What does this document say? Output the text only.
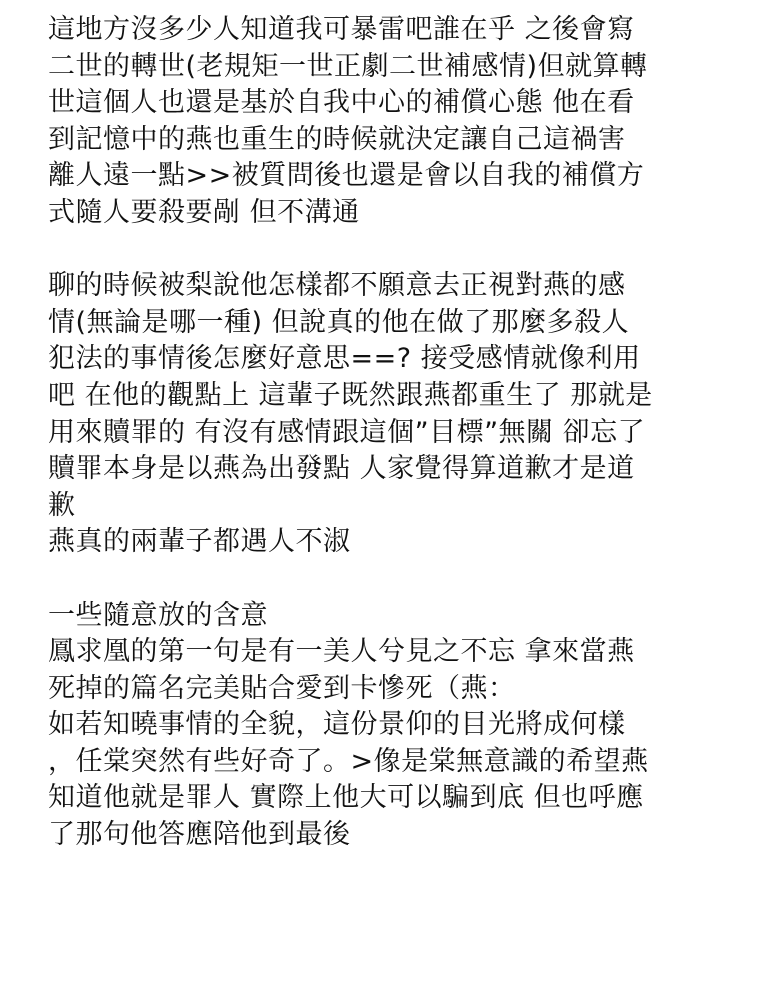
這地方沒多少人知道我可暴雷吧誰在乎 之後會寫
二世的轉世(老規矩一世正劇二世補感情)但就算轉
世這個人也還是基於自我中心的補償心態 他在看
到記憶中的燕也重生的時候就決定讓自己這禍害
離人遠一點>>被質問後也還是會以自我的補償方
式隨人要殺要剮 但不溝通
聊的時候被梨說他怎樣都不願意去正視對燕的感
情(無論是哪一種) 但說真的他在做了那麼多殺人
犯法的事情後怎麼好意思==? 接受感情就像利用
吧 在他的觀點上 這輩子既然跟燕都重生了 那就是
用來贖罪的 有沒有感情跟這個”目標”無關 卻忘了
贖罪本身是以燕為出發點 人家覺得算道歉才是道
歉
燕真的兩輩子都遇人不淑
一些隨意放的含意
鳳求凰的第一句是有一美人兮見之不忘 拿來當燕
死掉的篇名完美貼合愛到卡慘死（燕：
如若知曉事情的全貌，這份景仰的目光將成何樣
，任棠突然有些好奇了。>像是棠無意識的希望燕
知道他就是罪人 實際上他大可以騙到底 但也呼應
了那句他答應陪他到最後
